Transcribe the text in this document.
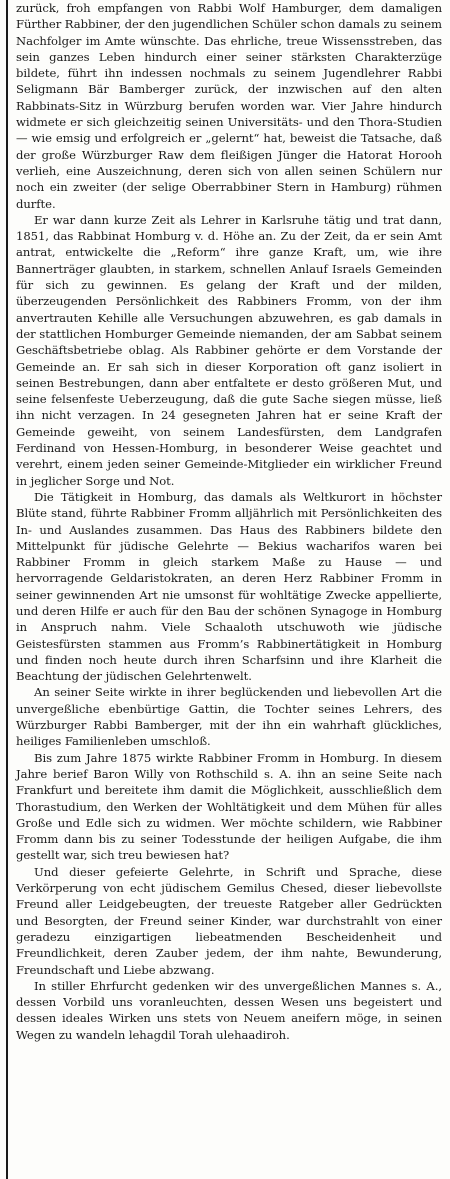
zurück, froh empfangen von Rabbi Wolf Hamburger, dem damaligen Fürther Rabbiner, der den jugendlichen Schüler schon damals zu seinem Nachfolger im Amte wünschte. Das ehrliche, treue Wissensstreben, das sein ganzes Leben hindurch einer seiner stärksten Charakterzüge bildete, führt ihn indessen nochmals zu seinem Jugendlehrer Rabbi Seligmann Bär Bamberger zurück, der inzwischen auf den alten Rabbinats-Sitz in Würzburg berufen worden war. Vier Jahre hindurch widmete er sich gleichzeitig seinen Universitäts- und den Thora-Studien — wie emsig und erfolgreich er „gelernt“ hat, beweist die Tatsache, daß der große Würzburger Raw dem fleißigen Jünger die Hatorat Horooh verlieh, eine Auszeichnung, deren sich von allen seinen Schülern nur noch ein zweiter (der selige Oberrabbiner Stern in Hamburg) rühmen durfte.

Er war dann kurze Zeit als Lehrer in Karlsruhe tätig und trat dann, 1851, das Rabbinat Homburg v. d. Höhe an. Zu der Zeit, da er sein Amt antrat, entwickelte die „Reform“ ihre ganze Kraft, um, wie ihre Bannerträger glaubten, in starkem, schnellen Anlauf Israels Gemeinden für sich zu gewinnen. Es gelang der Kraft und der milden, überzeugenden Persönlichkeit des Rabbiners Fromm, von der ihm anvertrauten Kehille alle Versuchungen abzuwehren, es gab damals in der stattlichen Homburger Gemeinde niemanden, der am Sabbat seinem Geschäftsbetriebe oblag. Als Rabbiner gehörte er dem Vorstande der Gemeinde an. Er sah sich in dieser Korporation oft ganz isoliert in seinen Bestrebungen, dann aber entfaltete er desto größeren Mut, und seine felsenfeste Ueberzeugung, daß die gute Sache siegen müsse, ließ ihn nicht verzagen. In 24 gesegneten Jahren hat er seine Kraft der Gemeinde geweiht, von seinem Landesfürsten, dem Landgrafen Ferdinand von Hessen-Homburg, in besonderer Weise geachtet und verehrt, einem jeden seiner Gemeinde-Mitglieder ein wirklicher Freund in jeglicher Sorge und Not.

Die Tätigkeit in Homburg, das damals als Weltkurort in höchster Blüte stand, führte Rabbiner Fromm alljährlich mit Persönlichkeiten des In- und Auslandes zusammen. Das Haus des Rabbiners bildete den Mittelpunkt für jüdische Gelehrte — Bekius wacharifos waren bei Rabbiner Fromm in gleich starkem Maße zu Hause — und hervorragende Geldaristokraten, an deren Herz Rabbiner Fromm in seiner gewinnenden Art nie umsonst für wohltätige Zwecke appellierte, und deren Hilfe er auch für den Bau der schönen Synagoge in Homburg in Anspruch nahm. Viele Schaaloth utschuwoth wie jüdische Geistesfürsten stammen aus Fromm’s Rabbinertätigkeit in Homburg und finden noch heute durch ihren Scharfsinn und ihre Klarheit die Beachtung der jüdischen Gelehrtenwelt.

An seiner Seite wirkte in ihrer beglückenden und liebevollen Art die unvergeßliche ebenbürtige Gattin, die Tochter seines Lehrers, des Würzburger Rabbi Bamberger, mit der ihn ein wahrhaft glückliches, heiliges Familienleben umschloß.

Bis zum Jahre 1875 wirkte Rabbiner Fromm in Homburg. In diesem Jahre berief Baron Willy von Rothschild s. A. ihn an seine Seite nach Frankfurt und bereitete ihm damit die Möglichkeit, ausschließlich dem Thorastudium, den Werken der Wohltätigkeit und dem Mühen für alles Große und Edle sich zu widmen. Wer möchte schildern, wie Rabbiner Fromm dann bis zu seiner Todesstunde der heiligen Aufgabe, die ihm gestellt war, sich treu bewiesen hat?

Und dieser gefeierte Gelehrte, in Schrift und Sprache, diese Verkörperung von echt jüdischem Gemilus Chesed, dieser liebevollste Freund aller Leidgebeugten, der treueste Ratgeber aller Gedrückten und Besorgten, der Freund seiner Kinder, war durchstrahlt von einer geradezu einzigartigen liebeatmenden Bescheidenheit und Freundlichkeit, deren Zauber jedem, der ihm nahte, Bewunderung, Freundschaft und Liebe abzwang.

In stiller Ehrfurcht gedenken wir des unvergeßlichen Mannes s. A., dessen Vorbild uns voranleuchten, dessen Wesen uns begeistert und dessen ideales Wirken uns stets von Neuem aneifern möge, in seinen Wegen zu wandeln lehagdil Torah ulehaadiroh.
